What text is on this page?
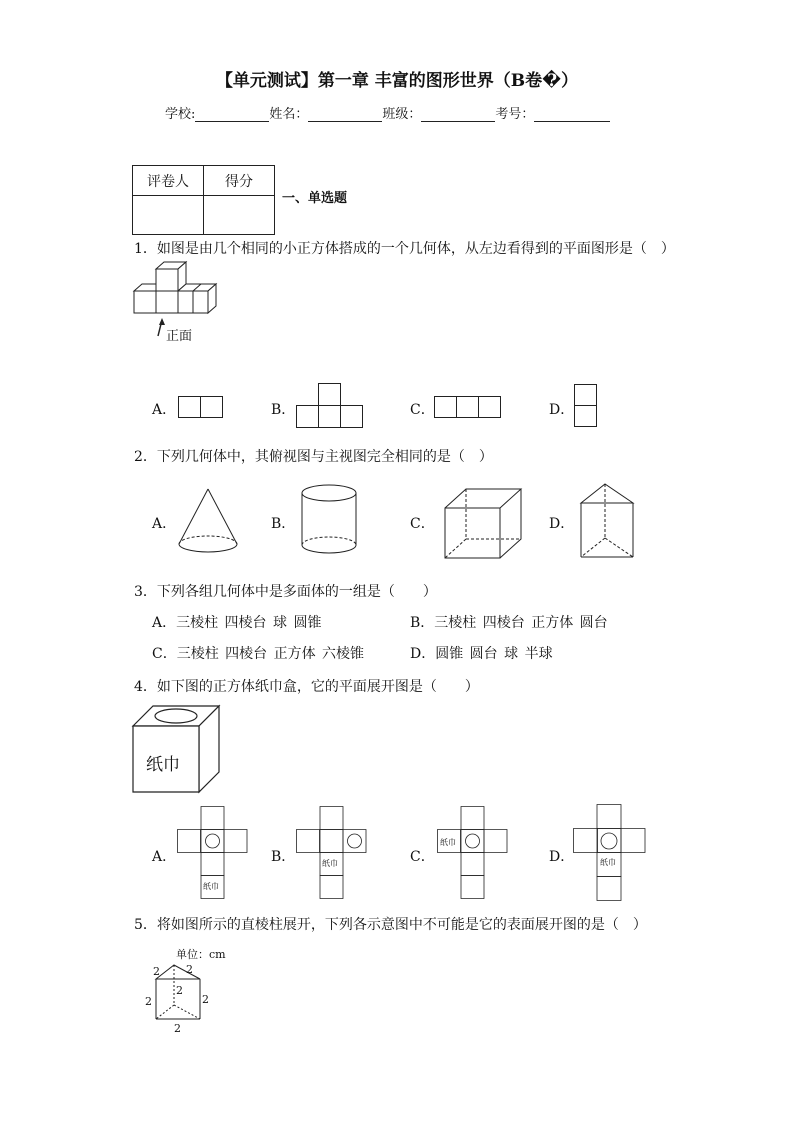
【单元测试】第一章 丰富的图形世界（B卷�）
学校:	姓名：	班级：	考号：
评卷人	得分

一、单选题
1．如图是由几个相同的小正方体搭成的一个几何体，从左边看得到的平面图形是（　）
正面
A．	B．	C．	D．
2．下列几何体中，其俯视图与主视图完全相同的是（　）
A．	B．	C．	D．
3．下列各组几何体中是多面体的一组是（　　）
A．三棱柱 四棱台 球 圆锥	B．三棱柱 四棱台 正方体 圆台
C．三棱柱 四棱台 正方体 六棱锥	D．圆锥 圆台 球 半球
4．如下图的正方体纸巾盒，它的平面展开图是（　　）
纸巾
A．
纸巾
B．	纸巾	C．
纸巾
D．	纸巾
5．将如图所示的直棱柱展开，下列各示意图中不可能是它的表面展开图的是（　）
单位：cm
2 2
2
2	2
2
